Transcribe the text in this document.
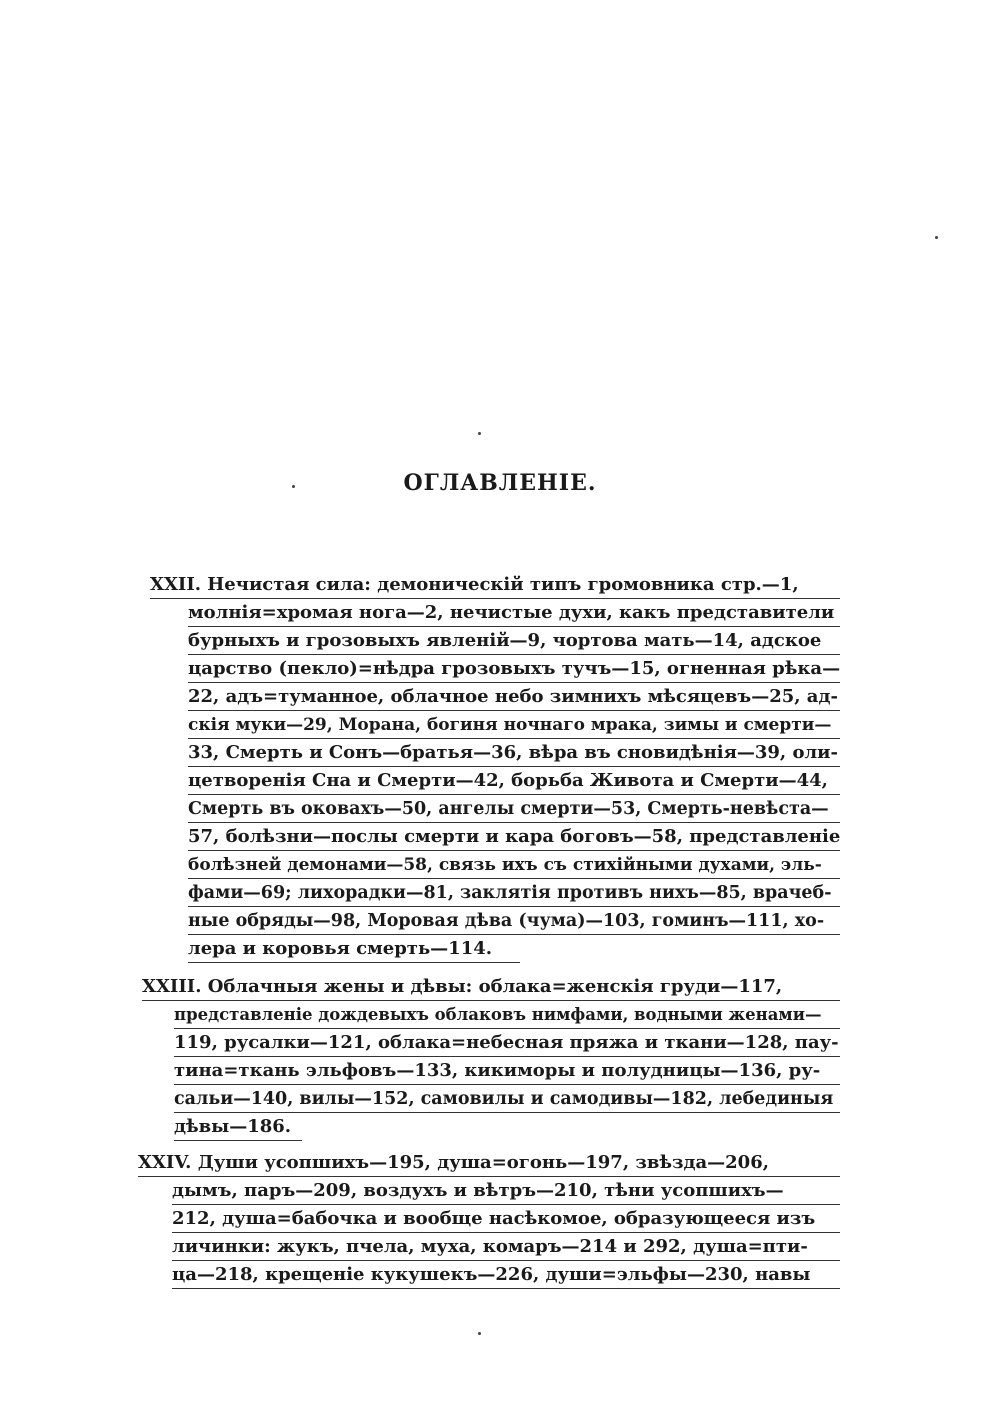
ОГЛАВЛЕНІЕ.
XXII. Нечистая сила: демоническій типъ громовника стр.—1,
молнія=хромая нога—2, нечистые духи, какъ представители
бурныхъ и грозовыхъ явленій—9, чортова мать—14, адское
царство (пекло)=нѣдра грозовыхъ тучъ—15, огненная рѣка—
22, адъ=туманное, облачное небо зимнихъ мѣсяцевъ—25, ад-
скія муки—29, Морана, богиня ночнаго мрака, зимы и смерти—
33, Смерть и Сонъ—братья—36, вѣра въ сновидѣнія—39, оли-
цетворенія Сна и Смерти—42, борьба Живота и Смерти—44,
Смерть въ оковахъ—50, ангелы смерти—53, Смерть-невѣста—
57, болѣзни—послы смерти и кара боговъ—58, представленіе
болѣзней демонами—58, связь ихъ съ стихійными духами, эль-
фами—69; лихорадки—81, заклятія противъ нихъ—85, врачеб-
ные обряды—98, Моровая дѣва (чума)—103, гоминъ—111, хо-
лера и коровья смерть—114.
XXIII. Облачныя жены и дѣвы: облака=женскія груди—117,
представленіе дождевыхъ облаковъ нимфами, водными женами—
119, русалки—121, облака=небесная пряжа и ткани—128, пау-
тина=ткань эльфовъ—133, кикиморы и полудницы—136, ру-
сальи—140, вилы—152, самовилы и самодивы—182, лебединыя
дѣвы—186.
XXIV. Души усопшихъ—195, душа=огонь—197, звѣзда—206,
дымъ, паръ—209, воздухъ и вѣтръ—210, тѣни усопшихъ—
212, душа=бабочка и вообще насѣкомое, образующееся изъ
личинки: жукъ, пчела, муха, комаръ—214 и 292, душа=пти-
ца—218, крещеніе кукушекъ—226, души=эльфы—230, навы
